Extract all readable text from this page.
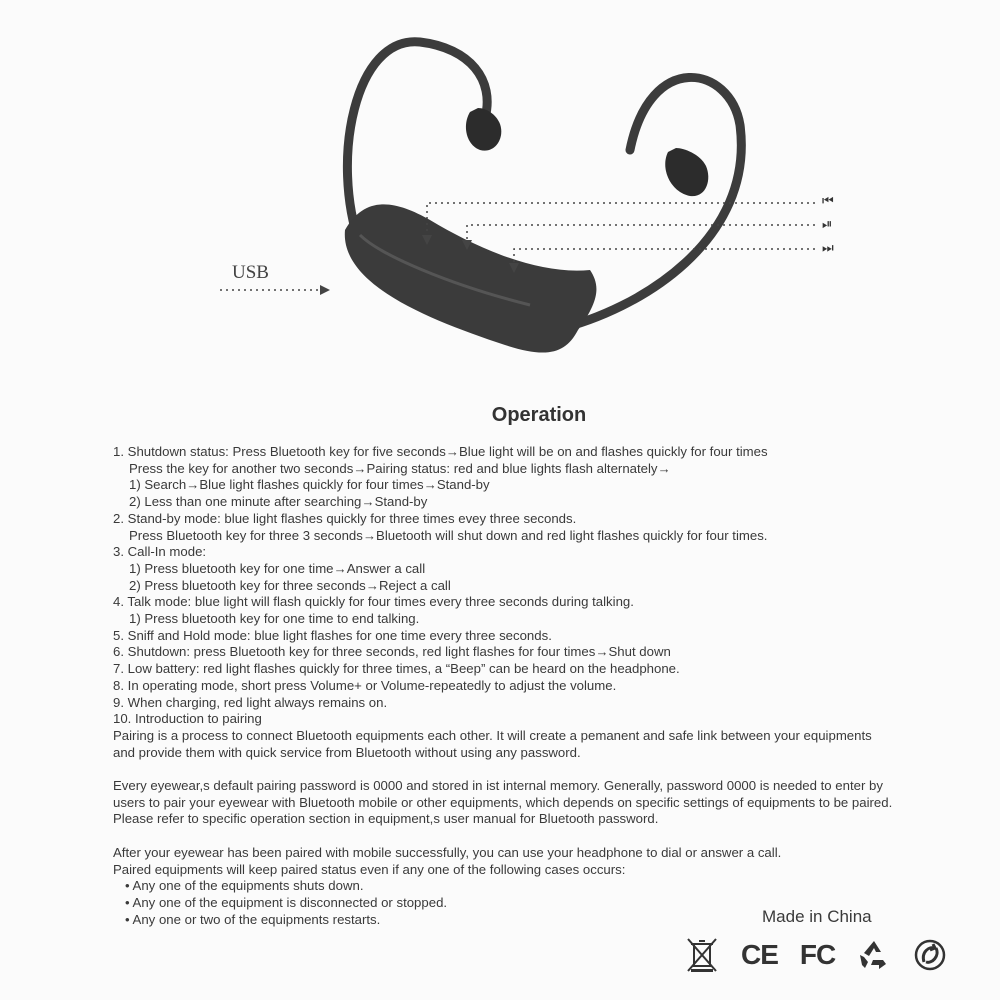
USB
⏮
⏯
⏭
Operation
1. Shutdown status: Press Bluetooth key for five seconds→Blue light will be on and flashes quickly for four times
Press the key for another two seconds→Pairing status: red and blue lights flash alternately→
1) Search→Blue light flashes quickly for four times→Stand-by
2) Less than one minute after searching→Stand-by
2. Stand-by mode: blue light flashes quickly for three times evey three seconds.
Press Bluetooth key for three 3 seconds→Bluetooth will shut down and red light flashes quickly for four times.
3. Call-In mode:
1) Press bluetooth key for one time→Answer a call
2) Press bluetooth key for three seconds→Reject a call
4. Talk mode: blue light will flash quickly for four times every three seconds during talking.
1) Press bluetooth key for one time to end talking.
5. Sniff and Hold mode: blue light flashes for one time every three seconds.
6. Shutdown: press Bluetooth key for three seconds, red light flashes for four times→Shut down
7. Low battery: red light flashes quickly for three times, a “Beep” can be heard on the headphone.
8. In operating mode, short press Volume+ or Volume-repeatedly to adjust the volume.
9. When charging, red light always remains on.
10. Introduction to pairing
Pairing is a process to connect Bluetooth equipments each other. It will create a pemanent and safe link between your equipments
and provide them with quick service from Bluetooth without using any password.
Every eyewear,s default pairing password is 0000 and stored in ist internal memory. Generally, password 0000 is needed to enter by
users to pair your eyewear with Bluetooth mobile or other equipments, which depends on specific settings of equipments to be paired.
Please refer to specific operation section in equipment,s user manual for Bluetooth password.
After your eyewear has been paired with mobile successfully, you can use your headphone to dial or answer a call.
Paired equipments will keep paired status even if any one of the following cases occurs:
• Any one of the equipments shuts down.
• Any one of the equipment is disconnected or stopped.
• Any one or two of the equipments restarts.	Made in China
CE FC
